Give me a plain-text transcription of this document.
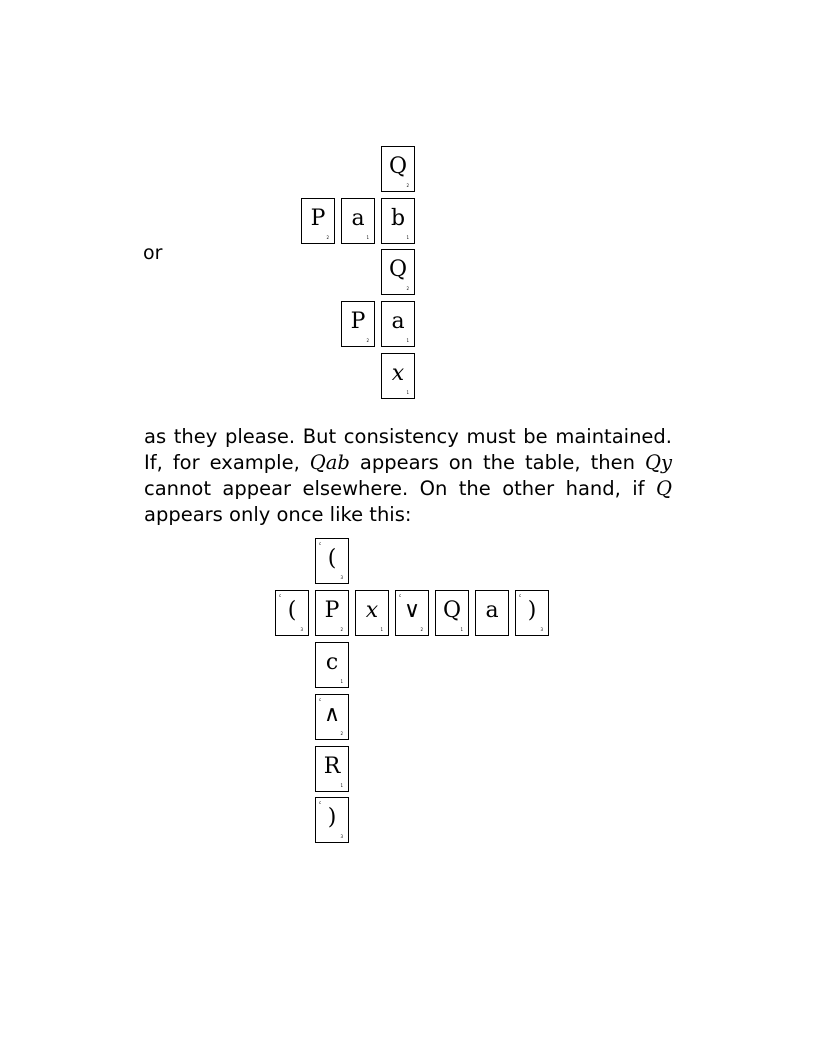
or
Q
2
P
2
a
1
b
1
Q
2
P
2
a
1
x
1

as they please. But consistency must be maintained. If, for example, Qab appears on the table, then Qy cannot appear elsewhere. On the other hand, if Q appears only once like this:

c
(
3
c
(
3
P
2
x
1
c
∨
2
Q
1
a
c
)
3
c
1
c
∧
2
R
1
c
)
3
